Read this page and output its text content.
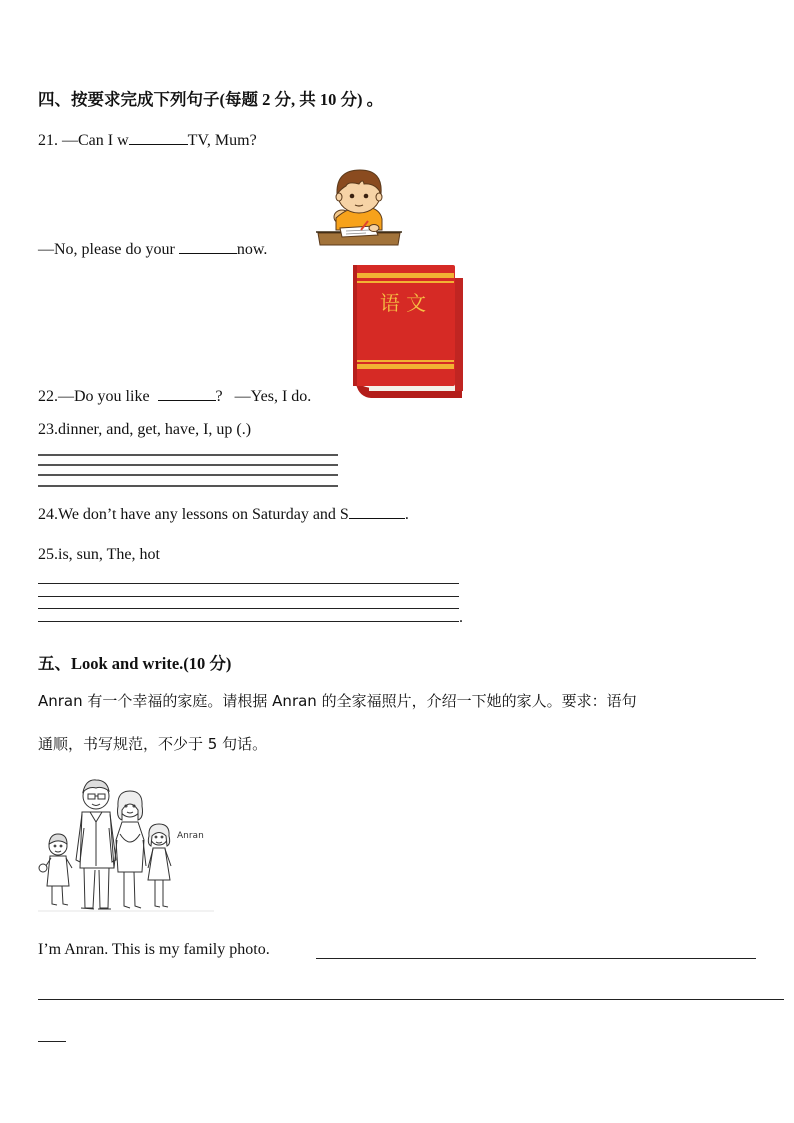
四、按要求完成下列句子(每题 2 分, 共 10 分) 。
21. —Can I w	TV, Mum?
—No, please do your	now.
语 文
22.—Do you like	? —Yes, I do.
23.dinner, and, get, have, I, up (.)
24.We don’t have any lessons on Saturday and S	.
25.is, sun, The, hot
.
五、Look and write.(10 分)
Anran 有一个幸福的家庭。请根据 Anran 的全家福照片，介绍一下她的家人。要求：语句
通顺，书写规范，不少于 5 句话。
Anran
I’m Anran. This is my family photo.
